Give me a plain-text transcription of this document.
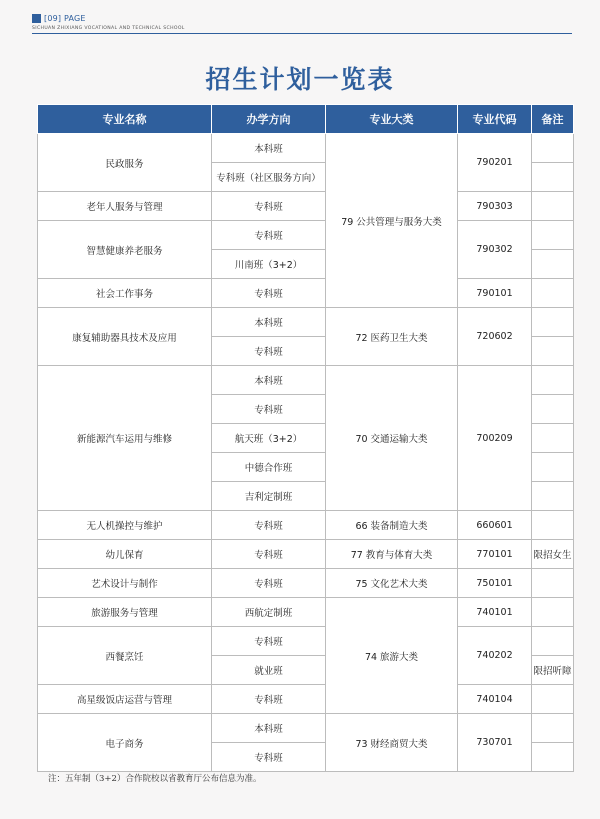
[09] PAGE
SICHUAN ZHIXIANG VOCATIONAL AND TECHNICAL SCHOOL
招生计划一览表
专业名称	办学方向	专业大类	专业代码	备注
民政服务	本科班	79 公共管理与服务大类	790201	
	专科班（社区服务方向）			
老年人服务与管理	专科班		790303	
智慧健康养老服务	专科班		790302	
	川南班（3+2）			
社会工作事务	专科班		790101	
康复辅助器具技术及应用	本科班	72 医药卫生大类	720602	
	专科班			
新能源汽车运用与维修	本科班	70 交通运输大类	700209	
	专科班			
	航天班（3+2）			
	中德合作班			
	吉利定制班			
无人机操控与维护	专科班	66 装备制造大类	660601	
幼儿保育	专科班	77 教育与体育大类	770101	限招女生
艺术设计与制作	专科班	75 文化艺术大类	750101	
旅游服务与管理	西航定制班	74 旅游大类	740101	
西餐烹饪	专科班		740202	
	就业班			限招听障
高星级饭店运营与管理	专科班		740104	
电子商务	本科班	73 财经商贸大类	730701	
	专科班			
注：五年制（3+2）合作院校以省教育厅公布信息为准。
